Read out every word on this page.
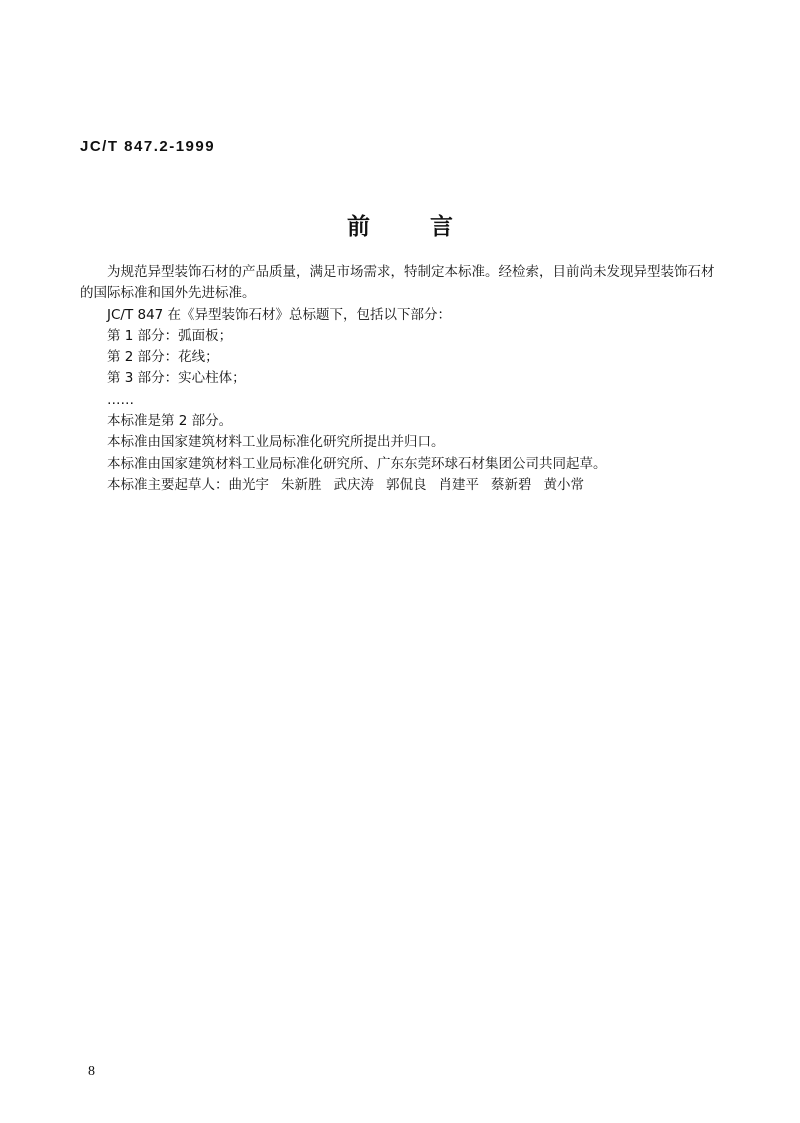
JC/T 847.2-1999
前	言

为规范异型装饰石材的产品质量，满足市场需求，特制定本标准。经检索，目前尚未发现异型装饰石材的国际标准和国外先进标准。

JC/T 847 在《异型装饰石材》总标题下，包括以下部分：

第 1 部分：弧面板；

第 2 部分：花线；

第 3 部分：实心柱体；

……

本标准是第 2 部分。

本标准由国家建筑材料工业局标准化研究所提出并归口。

本标准由国家建筑材料工业局标准化研究所、广东东莞环球石材集团公司共同起草。

本标准主要起草人：曲光宇 朱新胜 武庆涛 郭侃良 肖建平 蔡新碧 黄小常

8
